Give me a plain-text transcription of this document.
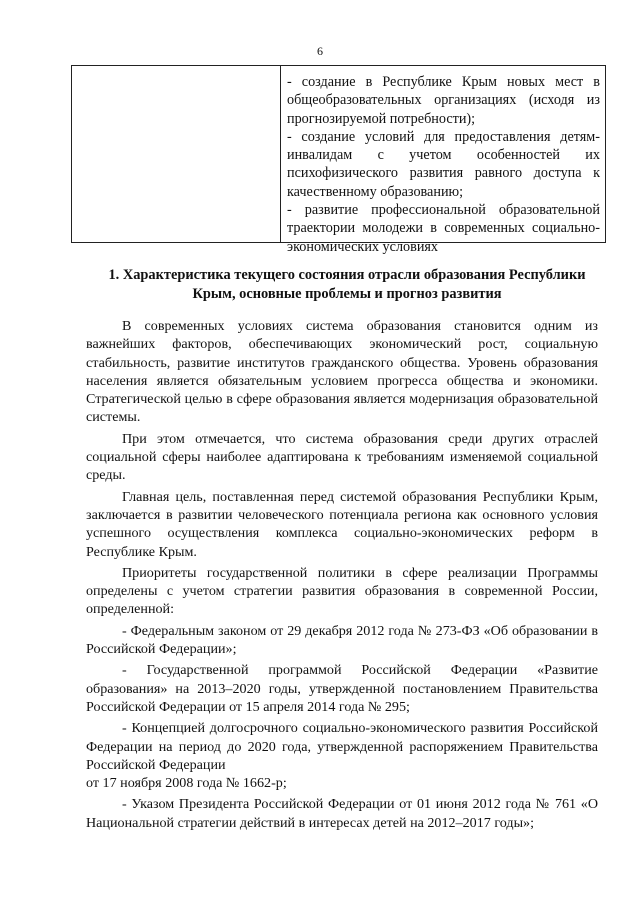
6

- создание в Республике Крым новых мест в общеобразовательных организациях (исходя из прогнозируемой потребности);

- создание условий для предоставления детям-инвалидам с учетом особенностей их психофизического развития равного доступа к качественному образованию;

- развитие профессиональной образовательной траектории молодежи в современных социально-экономических условиях

1. Характеристика текущего состояния отрасли образования Республики Крым, основные проблемы и прогноз развития

В современных условиях система образования становится одним из важнейших факторов, обеспечивающих экономический рост, социальную стабильность, развитие институтов гражданского общества. Уровень образования населения является обязательным условием прогресса общества и экономики. Стратегической целью в сфере образования является модернизация образовательной системы.

При этом отмечается, что система образования среди других отраслей социальной сферы наиболее адаптирована к требованиям изменяемой социальной среды.

Главная цель, поставленная перед системой образования Республики Крым, заключается в развитии человеческого потенциала региона как основного условия успешного осуществления комплекса социально-экономических реформ в Республике Крым.

Приоритеты государственной политики в сфере реализации Программы определены с учетом стратегии развития образования в современной России, определенной:

- Федеральным законом от 29 декабря 2012 года № 273-ФЗ «Об образовании в Российской Федерации»;

- Государственной программой Российской Федерации «Развитие образования» на 2013–2020 годы, утвержденной постановлением Правительства Российской Федерации от 15 апреля 2014 года № 295;

- Концепцией долгосрочного социально-экономического развития Российской Федерации на период до 2020 года, утвержденной распоряжением Правительства Российской Федерации

от 17 ноября 2008 года № 1662-р;

- Указом Президента Российской Федерации от 01 июня 2012 года № 761 «О Национальной стратегии действий в интересах детей на 2012–2017 годы»;
